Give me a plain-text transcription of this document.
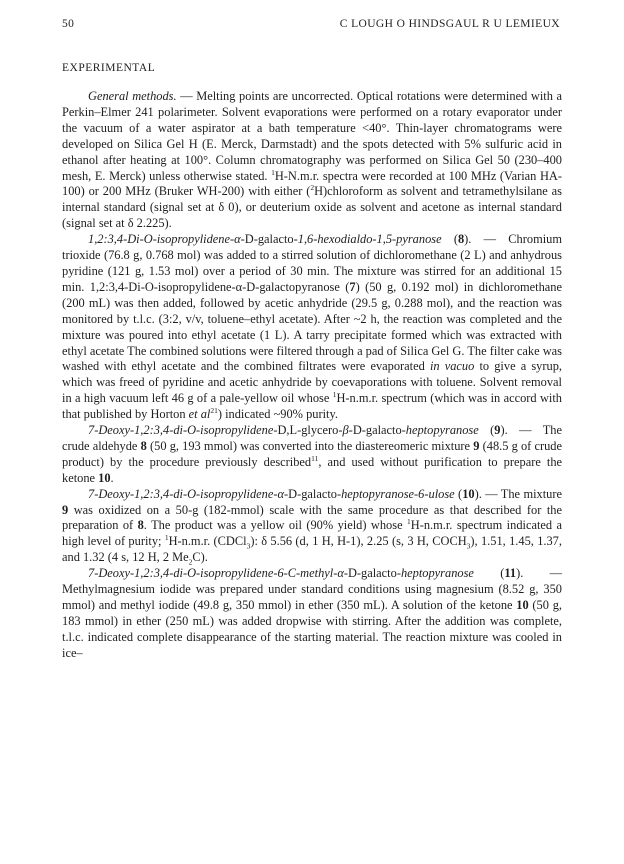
50	C LOUGH O HINDSGAUL R U LEMIEUX
EXPERIMENTAL

General methods. — Melting points are uncorrected. Optical rotations were determined with a Perkin–Elmer 241 polarimeter. Solvent evaporations were performed on a rotary evaporator under the vacuum of a water aspirator at a bath temperature <40°. Thin-layer chromatograms were developed on Silica Gel H (E. Merck, Darmstadt) and the spots detected with 5% sulfuric acid in ethanol after heating at 100°. Column chromatography was performed on Silica Gel 50 (230–400 mesh, E. Merck) unless otherwise stated. $^1$H-N.m.r. spectra were recorded at 100 MHz (Varian HA-100) or 200 MHz (Bruker WH-200) with either ($^2$H)chloroform as solvent and tetramethylsilane as internal standard (signal set at δ 0), or deuterium oxide as solvent and acetone as internal standard (signal set at δ 2.225).

1,2:3,4-Di-O-isopropylidene-α-D-galacto-1,6-hexodialdo-1,5-pyranose (8). — Chromium trioxide (76.8 g, 0.768 mol) was added to a stirred solution of dichloromethane (2 L) and anhydrous pyridine (121 g, 1.53 mol) over a period of 30 min. The mixture was stirred for an additional 15 min. 1,2:3,4-Di-O-isopropylidene-α-D-galactopyranose (7) (50 g, 0.192 mol) in dichloromethane (200 mL) was then added, followed by acetic anhydride (29.5 g, 0.288 mol), and the reaction was monitored by t.l.c. (3:2, v/v, toluene–ethyl acetate). After ~2 h, the reaction was completed and the mixture was poured into ethyl acetate (1 L). A tarry precipitate formed which was extracted with ethyl acetate The combined solutions were filtered through a pad of Silica Gel G. The filter cake was washed with ethyl acetate and the combined filtrates were evaporated in vacuo to give a syrup, which was freed of pyridine and acetic anhydride by coevaporations with toluene. Solvent removal in a high vacuum left 46 g of a pale-yellow oil whose $^1$H-n.m.r. spectrum (which was in accord with that published by Horton et $al^{21}$) indicated ~90% purity.

7-Deoxy-1,2:3,4-di-O-isopropylidene-D,L-glycero-β-D-galacto-heptopyranose (9). — The crude aldehyde 8 (50 g, 193 mmol) was converted into the diastereomeric mixture 9 (48.5 g of crude product) by the procedure previously described$^{11}$, and used without purification to prepare the ketone 10.

7-Deoxy-1,2:3,4-di-O-isopropylidene-α-D-galacto-heptopyranose-6-ulose (10). — The mixture 9 was oxidized on a 50-g (182-mmol) scale with the same procedure as that described for the preparation of 8. The product was a yellow oil (90% yield) whose $^1$H-n.m.r. spectrum indicated a high level of purity; $^1$H-n.m.r. (CDCl$_3$): δ 5.56 (d, 1 H, H-1), 2.25 (s, 3 H, $COCH_3$), 1.51, 1.45, 1.37, and 1.32 (4 s, 12 H, 2 $Me_2C$).

7-Deoxy-1,2:3,4-di-O-isopropylidene-6-C-methyl-α-D-galacto-heptopyranose (11). — Methylmagnesium iodide was prepared under standard conditions using magnesium (8.52 g, 350 mmol) and methyl iodide (49.8 g, 350 mmol) in ether (350 mL). A solution of the ketone 10 (50 g, 183 mmol) in ether (250 mL) was added dropwise with stirring. After the addition was complete, t.l.c. indicated complete disappearance of the starting material. The reaction mixture was cooled in ice–
